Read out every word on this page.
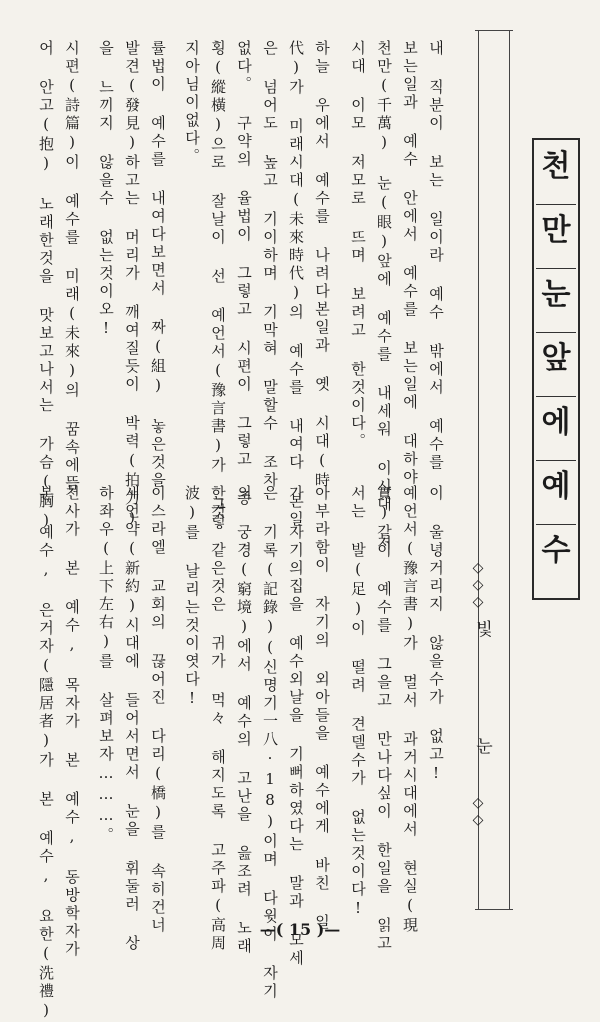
천
만
눈
앞
에
예
수
◇◇◇
빛 눈
◇◇
내 직분이 보는 일이라 예수 밖에서 예수를
보는일과 예수 안에서 예수를 보는일에 대하야
천만(千萬) 눈(眼)앞에 예수를 내세워 이시대 저
시대 이모 저모로 뜨며 보려고 한것이다。
하늘 우에서 예수를 나려다본일과 옛 시대(時
代)가 미래시대(未來時代)의 예수를 내여다 본일
은 넘어도 높고 기이하며 기막혀 말할수 조차
없다。 구약의 율법이 그렇고 시편이 그렇고 종
횡(縱橫)으로 잘날이 선 예언서(豫言書)가 그렇
지아님이없다。
률법이 예수를 내여다보면서 짜(組) 놓은것을
발견(發見)하고는 머리가 깨여질듯이 박력(拍力)
을 느끼지 않을수 없는것이오!
시편(詩篇)이 예수를 미래(未來)의 꿈속에뜸
어 안고(抱) 노래한것을 맛보고나서는 가슴(胸)
이 울녕거리지 않을수가 없고!
예언서(豫言書)가 멀서 과거시대에서 현실(現
實)같이 예수를 그을고 만나다싶이 한일을 읽고
서는 발(足)이 떨려 견델수가 없는것이다!
아부라함이 자기의 외아들을 예수에게 바친 일
가 자기의집을 예수외날을 기뻐하였다는 말과 모세
은 기록(記錄)(신명기一八·18)이며 다윗이 자기
의 궁경(窮境)에서 예수의 고난을 읊조려 노래
한것 같은것은 귀가 먹々 해지도록 고주파(高周
波)를 날리는것이엿다!
이스라엘 교회의 끊어진 다리(橋)를 속히건너
새언약(新約)시대에 들어서면서 눈을 휘둘러 상
하좌우(上下左右)를 살펴보자………。
천사가 본 예수, 목자가 본 예수, 동방학자가
본 예수, 은거자(隱居者)가 본 예수, 요한(洗禮)	—( 15 )—
